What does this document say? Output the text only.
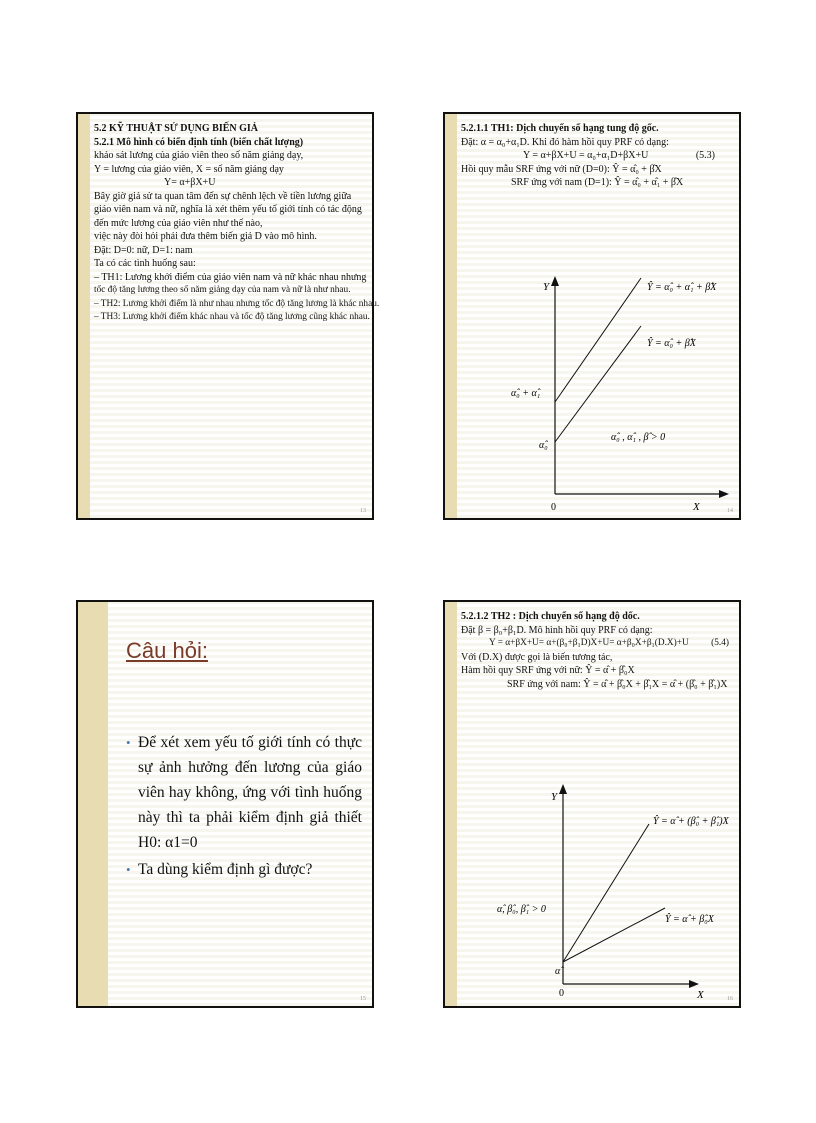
5.2 KỸ THUẬT SỬ DỤNG BIẾN GIẢ
5.2.1 Mô hình có biến định tính (biến chất lượng)
khảo sát lương của giáo viên theo số năm giảng dạy,
Y = lương của giáo viên, X = số năm giảng dạy
Y= α+βX+U
Bây giờ giả sử ta quan tâm đến sự chênh lệch về tiền lương giữa
giáo viên nam và nữ, nghĩa là xét thêm yếu tố giới tính có tác động
đến mức lương của giáo viên như thế nào,
việc này đòi hỏi phải đưa thêm biến giả D vào mô hình.
Đặt: D=0: nữ, D=1: nam
Ta có các tình huống sau:
– TH1: Lương khởi điểm của giáo viên nam và nữ khác nhau nhưng
tốc độ tăng lương theo số năm giảng dạy của nam và nữ là như nhau.
– TH2: Lương khởi điểm là như nhau nhưng tốc độ tăng lương là khác nhau.
– TH3: Lương khởi điểm khác nhau và tốc độ tăng lương cũng khác nhau.
13
5.2.1.1 TH1: Dịch chuyển số hạng tung độ gốc.
Đặt: α = α₀+α₁D. Khi đó hàm hồi quy PRF có dạng:
Y = α+βX+U = α₀+α₁D+βX+U	(5.3)
Hồi quy mẫu SRF ứng với nữ (D=0): Ŷ = α̂₀ + β̂X
SRF ứng với nam (D=1): Ŷ = α̂₀ + α̂₁ + β̂X
Y
X
0
Ŷ = α̂₀ + α̂₁ + β̂X
Ŷ = α̂₀ + β̂X
α̂₀ + α̂₁
α̂₀
α̂₀ , α̂₁ , β̂ > 0
14
Câu hỏi:
• Để xét xem yếu tố giới tính có thực sự ảnh hưởng đến lương của giáo viên hay không, ứng với tình huống này thì ta phải kiểm định giả thiết H0: α1=0
• Ta dùng kiểm định gì được?
15
5.2.1.2 TH2 : Dịch chuyển số hạng độ dốc.
Đặt β = β₀+β₁D. Mô hình hồi quy PRF có dạng:
Y = α+βX+U= α+(β₀+β₁D)X+U= α+β₀X+β₁(D.X)+U (5.4)
Với (D.X) được gọi là biến tương tác,
Hàm hồi quy SRF ứng với nữ: Ŷ = α̂ + β̂₀X
SRF ứng với nam: Ŷ = α̂ + β̂₀X + β̂₁X = α̂ + (β̂₀ + β̂₁)X
Y
X
0
Ŷ = α̂ + (β̂₀ + β̂₁)X
Ŷ = α̂ + β̂₀X
α̂
α̂, β̂₀, β̂₁ > 0
16
